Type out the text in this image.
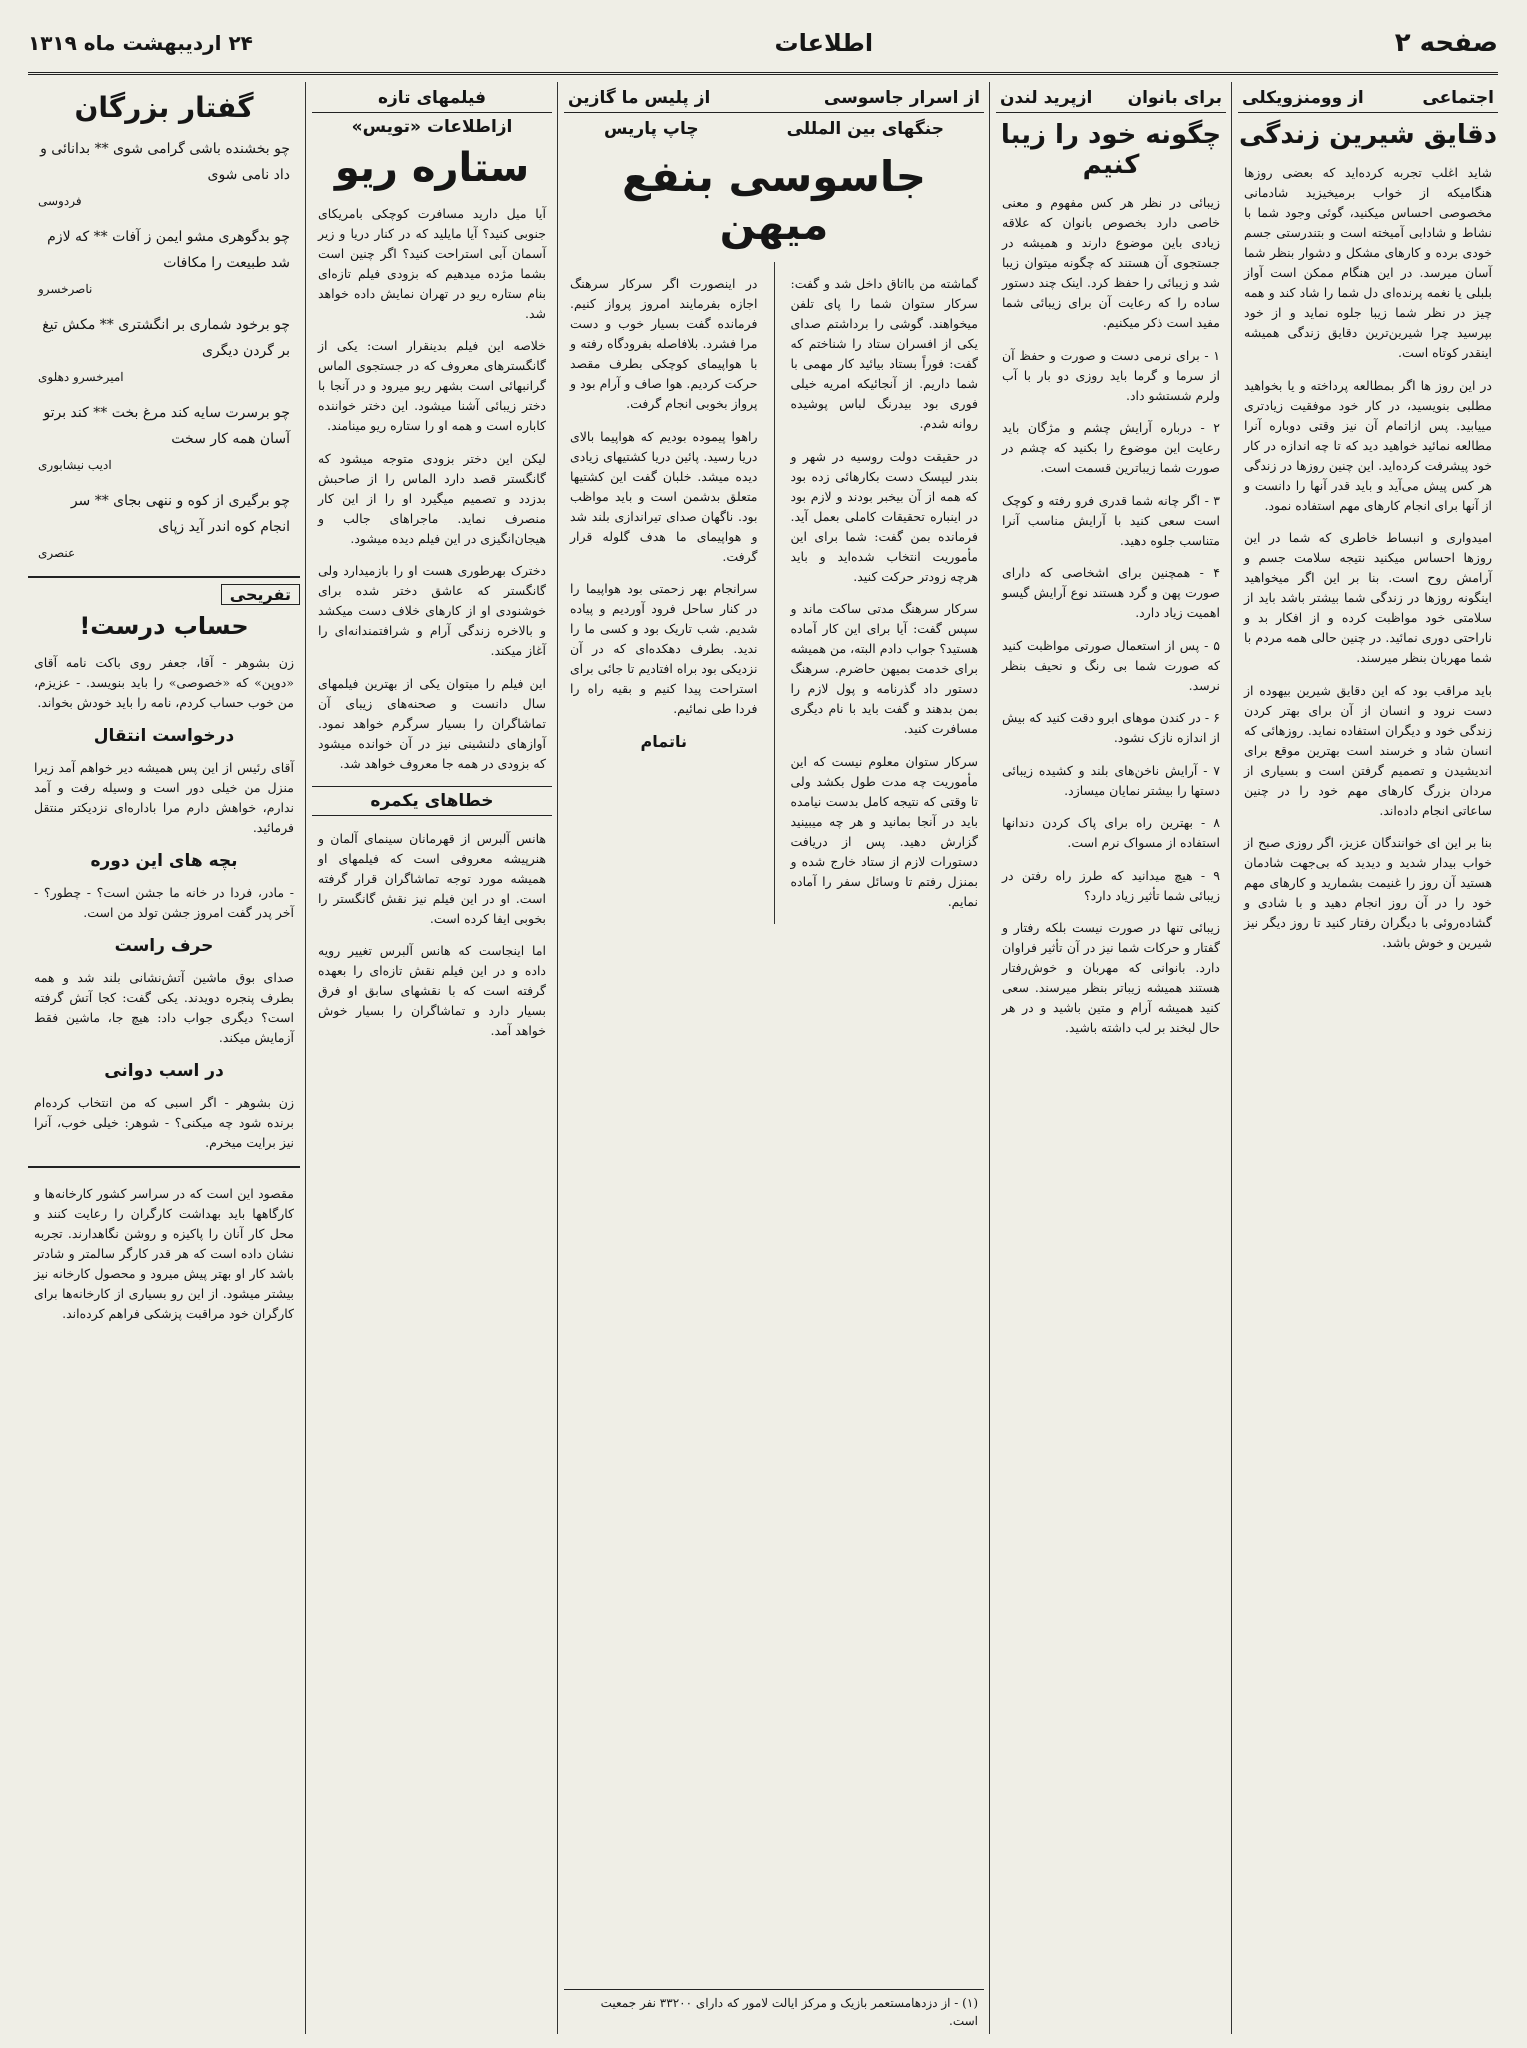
صفحه ۲
اطلاعات
۲۴ اردیبهشت ماه ۱۳۱۹
اجتماعی
از وومنزویکلی
دقایق شیرین زندگی

شاید اغلب تجربه کرده‌اید که بعضی روزها هنگامیکه از خواب برمیخیزید شادمانی مخصوصی احساس میکنید، گوئی وجود شما با نشاط و شادابی آمیخته است و بتندرستی جسم خودی برده و کارهای مشکل و دشوار بنظر شما آسان میرسد. در این هنگام ممکن است آواز بلبلی یا نغمه پرنده‌ای دل شما را شاد کند و همه چیز در نظر شما زیبا جلوه نماید و از خود بپرسید چرا شیرین‌ترین دقایق زندگی همیشه اینقدر کوتاه است.

در این روز ها اگر بمطالعه پرداخته و یا بخواهید مطلبی بنویسید، در کار خود موفقیت زیادتری مییابید. پس ازاتمام آن نیز وقتی دوباره آنرا مطالعه نمائید خواهید دید که تا چه اندازه در کار خود پیشرفت کرده‌اید. این چنین روزها در زندگی هر کس پیش می‌آید و باید قدر آنها را دانست و از آنها برای انجام کارهای مهم استفاده نمود.

امیدواری و انبساط خاطری که شما در این روزها احساس میکنید نتیجه سلامت جسم و آرامش روح است. بنا بر این اگر میخواهید اینگونه روزها در زندگی شما بیشتر باشد باید از سلامتی خود مواظبت کرده و از افکار بد و ناراحتی دوری نمائید. در چنین حالی همه مردم با شما مهربان بنظر میرسند.

باید مراقب بود که این دقایق شیرین بیهوده از دست نرود و انسان از آن برای بهتر کردن زندگی خود و دیگران استفاده نماید. روزهائی که انسان شاد و خرسند است بهترین موقع برای اندیشیدن و تصمیم گرفتن است و بسیاری از مردان بزرگ کارهای مهم خود را در چنین ساعاتی انجام داده‌اند.

بنا بر این ای خوانندگان عزیز، اگر روزی صبح از خواب بیدار شدید و دیدید که بی‌جهت شادمان هستید آن روز را غنیمت بشمارید و کارهای مهم خود را در آن روز انجام دهید و با شادی و گشاده‌روئی با دیگران رفتار کنید تا روز دیگر نیز شیرین و خوش باشد.

برای بانوان
ازپرید لندن
چگونه خود را زیبا کنیم

زیبائی در نظر هر کس مفهوم و معنی خاصی دارد بخصوص بانوان که علاقه زیادی باین موضوع دارند و همیشه در جستجوی آن هستند که چگونه میتوان زیبا شد و زیبائی را حفظ کرد. اینک چند دستور ساده را که رعایت آن برای زیبائی شما مفید است ذکر میکنیم.

۱ - برای نرمی دست و صورت و حفظ آن از سرما و گرما باید روزی دو بار با آب ولرم شستشو داد.

۲ - درباره آرایش چشم و مژگان باید رعایت این موضوع را بکنید که چشم در صورت شما زیباترین قسمت است.

۳ - اگر چانه شما قدری فرو رفته و کوچک است سعی کنید با آرایش مناسب آنرا متناسب جلوه دهید.

۴ - همچنین برای اشخاصی که دارای صورت پهن و گرد هستند نوع آرایش گیسو اهمیت زیاد دارد.

۵ - پس از استعمال صورتی مواظبت کنید که صورت شما بی رنگ و نحیف بنظر نرسد.

۶ - در کندن موهای ابرو دقت کنید که بیش از اندازه نازک نشود.

۷ - آرایش ناخن‌های بلند و کشیده زیبائی دستها را بیشتر نمایان میسازد.

۸ - بهترین راه برای پاک کردن دندانها استفاده از مسواک نرم است.

۹ - هیچ میدانید که طرز راه رفتن در زیبائی شما تأثیر زیاد دارد؟

زیبائی تنها در صورت نیست بلکه رفتار و گفتار و حرکات شما نیز در آن تأثیر فراوان دارد. بانوانی که مهربان و خوش‌رفتار هستند همیشه زیباتر بنظر میرسند. سعی کنید همیشه آرام و متین باشید و در هر حال لبخند بر لب داشته باشید.

از اسرار جاسوسی
از پلیس ما گازین
جنگهای بین المللی
چاپ پاریس
جاسوسی بنفع میهن

گماشته من بااتاق داخل شد و گفت: سرکار ستوان شما را پای تلفن میخواهند. گوشی را برداشتم صدای یکی از افسران ستاد را شناختم که گفت: فوراً بستاد بیائید کار مهمی با شما داریم. از آنجائیکه امریه خیلی فوری بود بیدرنگ لباس پوشیده روانه شدم.

در حقیقت دولت روسیه در شهر و بندر لیپسک دست بکارهائی زده بود که همه از آن بیخبر بودند و لازم بود در اینباره تحقیقات کاملی بعمل آید. فرمانده بمن گفت: شما برای این مأموریت انتخاب شده‌اید و باید هرچه زودتر حرکت کنید.

سرکار سرهنگ مدتی ساکت ماند و سپس گفت: آیا برای این کار آماده هستید؟ جواب دادم البته، من همیشه برای خدمت بمیهن حاضرم. سرهنگ دستور داد گذرنامه و پول لازم را بمن بدهند و گفت باید با نام دیگری مسافرت کنید.

سرکار ستوان معلوم نیست که این مأموریت چه مدت طول بکشد ولی تا وقتی که نتیجه کامل بدست نیامده باید در آنجا بمانید و هر چه میبینید گزارش دهید. پس از دریافت دستورات لازم از ستاد خارج شده و بمنزل رفتم تا وسائل سفر را آماده نمایم.

در اینصورت اگر سرکار سرهنگ اجازه بفرمایند امروز پرواز کنیم. فرمانده گفت بسیار خوب و دست مرا فشرد. بلافاصله بفرودگاه رفته و با هواپیمای کوچکی بطرف مقصد حرکت کردیم. هوا صاف و آرام بود و پرواز بخوبی انجام گرفت.

راهوا پیموده بودیم که هواپیما بالای دریا رسید. پائین دریا کشتیهای زیادی دیده میشد. خلبان گفت این کشتیها متعلق بدشمن است و باید مواظب بود. ناگهان صدای تیراندازی بلند شد و هواپیمای ما هدف گلوله قرار گرفت.

سرانجام بهر زحمتی بود هواپیما را در کنار ساحل فرود آوردیم و پیاده شدیم. شب تاریک بود و کسی ما را ندید. بطرف دهکده‌ای که در آن نزدیکی بود براه افتادیم تا جائی برای استراحت پیدا کنیم و بقیه راه را فردا طی نمائیم.

ناتمام
(۱) - از دزدهامستعمر بازیک و مرکز ایالت لامور که دارای ۳۳۲۰۰ نفر جمعیت است.
فیلمهای تازه
ازاطلاعات «تویس»
ستاره ریو

آیا میل دارید مسافرت کوچکی بامریکای جنوبی کنید؟ آیا مایلید که در کنار دریا و زیر آسمان آبی استراحت کنید؟ اگر چنین است بشما مژده میدهیم که بزودی فیلم تازه‌ای بنام ستاره ریو در تهران نمایش داده خواهد شد.

خلاصه این فیلم بدینقرار است: یکی از گانگسترهای معروف که در جستجوی الماس گرانبهائی است بشهر ریو میرود و در آنجا با دختر زیبائی آشنا میشود. این دختر خواننده کاباره است و همه او را ستاره ریو مینامند.

لیکن این دختر بزودی متوجه میشود که گانگستر قصد دارد الماس را از صاحبش بدزدد و تصمیم میگیرد او را از این کار منصرف نماید. ماجراهای جالب و هیجان‌انگیزی در این فیلم دیده میشود.

دخترک بهرطوری هست او را بازمیدارد ولی گانگستر که عاشق دختر شده برای خوشنودی او از کارهای خلاف دست میکشد و بالاخره زندگی آرام و شرافتمندانه‌ای را آغاز میکند.

این فیلم را میتوان یکی از بهترین فیلمهای سال دانست و صحنه‌های زیبای آن تماشاگران را بسیار سرگرم خواهد نمود. آوازهای دلنشینی نیز در آن خوانده میشود که بزودی در همه جا معروف خواهد شد.

خطاهای یکمره

هانس آلبرس از قهرمانان سینمای آلمان و هنرپیشه معروفی است که فیلمهای او همیشه مورد توجه تماشاگران قرار گرفته است. او در این فیلم نیز نقش گانگستر را بخوبی ایفا کرده است.

اما اینجاست که هانس آلبرس تغییر رویه داده و در این فیلم نقش تازه‌ای را بعهده گرفته است که با نقشهای سابق او فرق بسیار دارد و تماشاگران را بسیار خوش خواهد آمد.

گفتار بزرگان
چو بخشنده باشی گرامی شوی ** بدانائی و داد نامی شوی
فردوسی
چو بدگوهری مشو ایمن ز آفات ** که لازم شد طبیعت را مکافات
ناصرخسرو
چو برخود شماری بر انگشتری ** مکش تیغ بر گردن دیگری
امیرخسرو دهلوی
چو برسرت سایه کند مرغ بخت ** کند برتو آسان همه کار سخت
ادیب نیشابوری
چو برگیری از کوه و ننهی بجای ** سر انجام کوه اندر آید زپای
عنصری
تفریحی
حساب درست!

زن بشوهر - آقا، جعفر روی باکت نامه آقای «دوپن» که «خصوصی» را باید بنویسد. - عزیزم، من خوب حساب کردم، نامه را باید خودش بخواند.

درخواست انتقال

آقای رئیس از این پس همیشه دیر خواهم آمد زیرا منزل من خیلی دور است و وسیله رفت و آمد ندارم، خواهش دارم مرا باداره‌ای نزدیکتر منتقل فرمائید.

بچه های این دوره

- مادر، فردا در خانه ما جشن است؟ - چطور؟ - آخر پدر گفت امروز جشن تولد من است.

حرف راست

صدای بوق ماشین آتش‌نشانی بلند شد و همه بطرف پنجره دویدند. یکی گفت: کجا آتش گرفته است؟ دیگری جواب داد: هیچ جا، ماشین فقط آزمایش میکند.

در اسب دوانی

زن بشوهر - اگر اسبی که من انتخاب کرده‌ام برنده شود چه میکنی؟ - شوهر: خیلی خوب، آنرا نیز برایت میخرم.

مقصود این است که در سراسر کشور کارخانه‌ها و کارگاهها باید بهداشت کارگران را رعایت کنند و محل کار آنان را پاکیزه و روشن نگاهدارند. تجربه نشان داده است که هر قدر کارگر سالمتر و شادتر باشد کار او بهتر پیش میرود و محصول کارخانه نیز بیشتر میشود. از این رو بسیاری از کارخانه‌ها برای کارگران خود مراقبت پزشکی فراهم کرده‌اند.
